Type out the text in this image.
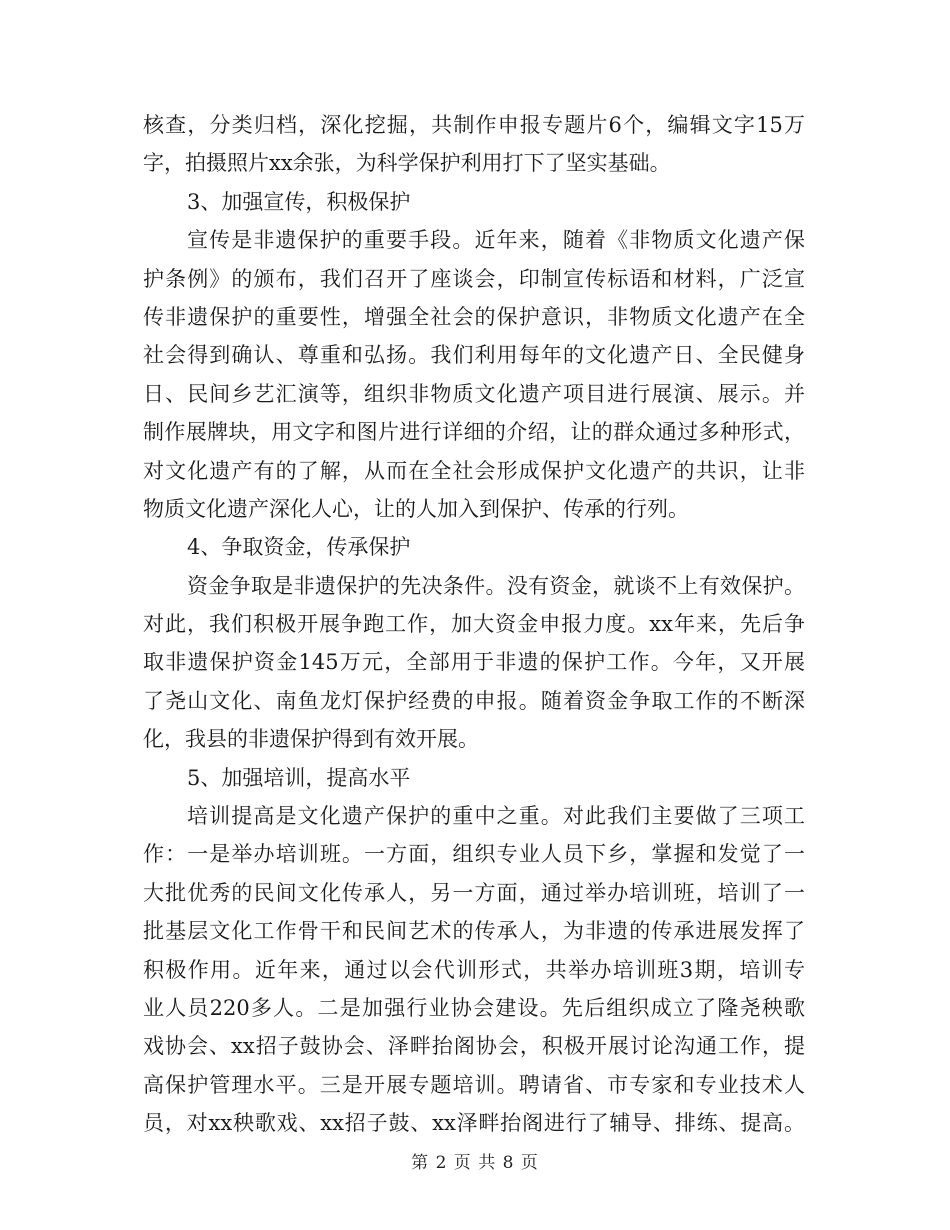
核查，分类归档，深化挖掘，共制作申报专题片6个，编辑文字15万
字，拍摄照片xx余张，为科学保护利用打下了坚实基础。
3、加强宣传，积极保护
宣传是非遗保护的重要手段。近年来，随着《非物质文化遗产保
护条例》的颁布，我们召开了座谈会，印制宣传标语和材料，广泛宣
传非遗保护的重要性，增强全社会的保护意识，非物质文化遗产在全
社会得到确认、尊重和弘扬。我们利用每年的文化遗产日、全民健身
日、民间乡艺汇演等，组织非物质文化遗产项目进行展演、展示。并
制作展牌块，用文字和图片进行详细的介绍，让的群众通过多种形式，
对文化遗产有的了解，从而在全社会形成保护文化遗产的共识，让非
物质文化遗产深化人心，让的人加入到保护、传承的行列。
4、争取资金，传承保护
资金争取是非遗保护的先决条件。没有资金，就谈不上有效保护。
对此，我们积极开展争跑工作，加大资金申报力度。xx年来，先后争
取非遗保护资金145万元，全部用于非遗的保护工作。今年，又开展
了尧山文化、南鱼龙灯保护经费的申报。随着资金争取工作的不断深
化，我县的非遗保护得到有效开展。
5、加强培训，提高水平
培训提高是文化遗产保护的重中之重。对此我们主要做了三项工
作：一是举办培训班。一方面，组织专业人员下乡，掌握和发觉了一
大批优秀的民间文化传承人，另一方面，通过举办培训班，培训了一
批基层文化工作骨干和民间艺术的传承人，为非遗的传承进展发挥了
积极作用。近年来，通过以会代训形式，共举办培训班3期，培训专
业人员220多人。二是加强行业协会建设。先后组织成立了隆尧秧歌
戏协会、xx招子鼓协会、泽畔抬阁协会，积极开展讨论沟通工作，提
高保护管理水平。三是开展专题培训。聘请省、市专家和专业技术人
员，对xx秧歌戏、xx招子鼓、xx泽畔抬阁进行了辅导、排练、提高。
第 2 页 共 8 页
